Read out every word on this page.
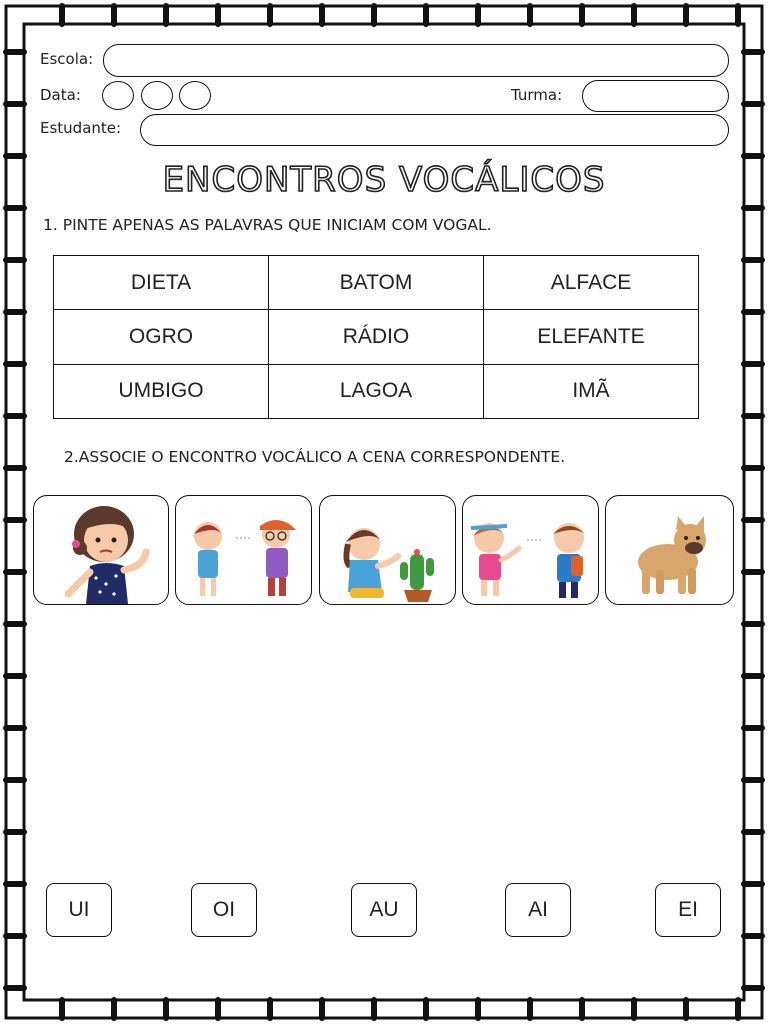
Escola:
Data:	Turma:
Estudante:
ENCONTROS VOCÁLICOS
1. PINTE APENAS AS PALAVRAS QUE INICIAM COM VOGAL.
DIETA	BATOM	ALFACE
OGRO	RÁDIO	ELEFANTE
UMBIGO	LAGOA	IMÃ
2.ASSOCIE O ENCONTRO VOCÁLICO A CENA CORRESPONDENTE.
UI	OI	AU	AI	EI
